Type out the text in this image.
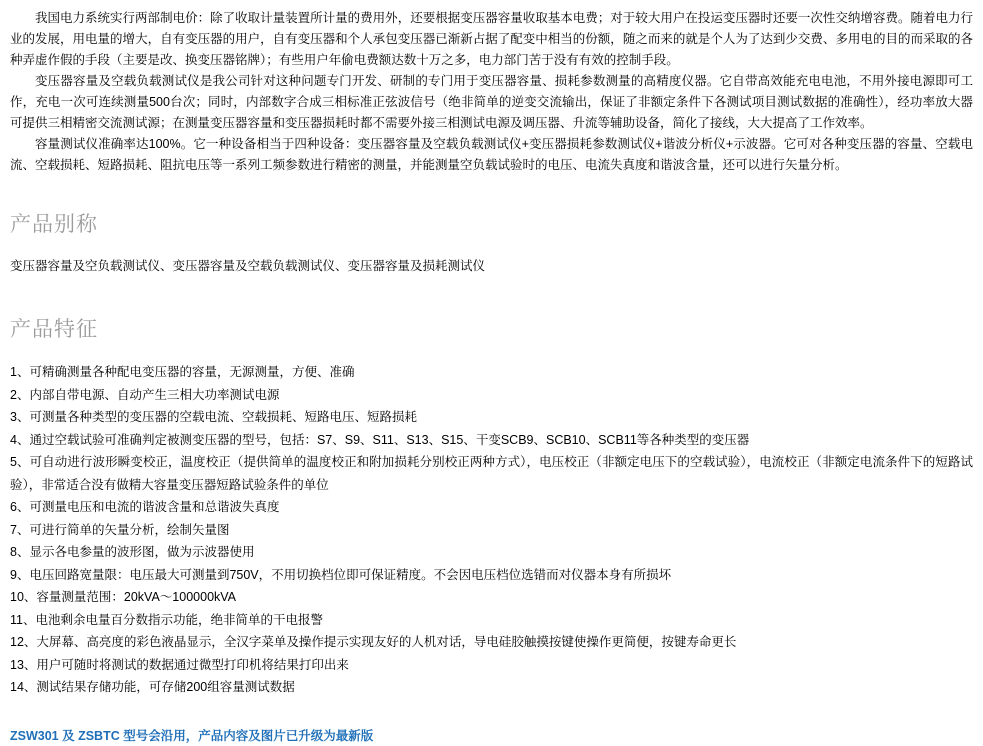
我国电力系统实行两部制电价：除了收取计量装置所计量的费用外，还要根据变压器容量收取基本电费；对于较大用户在投运变压器时还要一次性交纳增容费。随着电力行业的发展，用电量的增大，自有变压器的用户，自有变压器和个人承包变压器已渐新占据了配变中相当的份额，随之而来的就是个人为了达到少交费、多用电的目的而采取的各种弄虚作假的手段（主要是改、换变压器铭牌）；有些用户年偷电费额达数十万之多，电力部门苦于没有有效的控制手段。

变压器容量及空载负载测试仪是我公司针对这种问题专门开发、研制的专门用于变压器容量、损耗参数测量的高精度仪器。它自带高效能充电电池，不用外接电源即可工作，充电一次可连续测量500台次；同时，内部数字合成三相标准正弦波信号（绝非简单的逆变交流输出，保证了非额定条件下各测试项目测试数据的准确性），经功率放大器可提供三相精密交流测试源；在测量变压器容量和变压器损耗时都不需要外接三相测试电源及调压器、升流等辅助设备，简化了接线，大大提高了工作效率。

容量测试仪准确率达100%。它一种设备相当于四种设备：变压器容量及空载负载测试仪+变压器损耗参数测试仪+谐波分析仪+示波器。它可对各种变压器的容量、空载电流、空载损耗、短路损耗、阻抗电压等一系列工频参数进行精密的测量，并能测量空负载试验时的电压、电流失真度和谐波含量，还可以进行矢量分析。

产品别称
变压器容量及空负载测试仪、变压器容量及空载负载测试仪、变压器容量及损耗测试仪
产品特征
1、可精确测量各种配电变压器的容量，无源测量，方便、准确
2、内部自带电源、自动产生三相大功率测试电源
3、可测量各种类型的变压器的空载电流、空载损耗、短路电压、短路损耗
4、通过空载试验可准确判定被测变压器的型号，包括：S7、S9、S11、S13、S15、干变SCB9、SCB10、SCB11等各种类型的变压器
5、可自动进行波形瞬变校正，温度校正（提供简单的温度校正和附加损耗分别校正两种方式），电压校正（非额定电压下的空载试验），电流校正（非额定电流条件下的短路试验），非常适合没有做精大容量变压器短路试验条件的单位
6、可测量电压和电流的谐波含量和总谐波失真度
7、可进行简单的矢量分析，绘制矢量图
8、显示各电参量的波形图，做为示波器使用
9、电压回路宽量限：电压最大可测量到750V，不用切换档位即可保证精度。不会因电压档位选错而对仪器本身有所损坏
10、容量测量范围：20kVA～100000kVA
11、电池剩余电量百分数指示功能，绝非简单的干电报警
12、大屏幕、高亮度的彩色液晶显示，全汉字菜单及操作提示实现友好的人机对话，导电硅胶触摸按键使操作更简便，按键寿命更长
13、用户可随时将测试的数据通过微型打印机将结果打印出来
14、测试结果存储功能，可存储200组容量测试数据
ZSW301 及 ZSBTC 型号会沿用，产品内容及图片已升级为最新版
